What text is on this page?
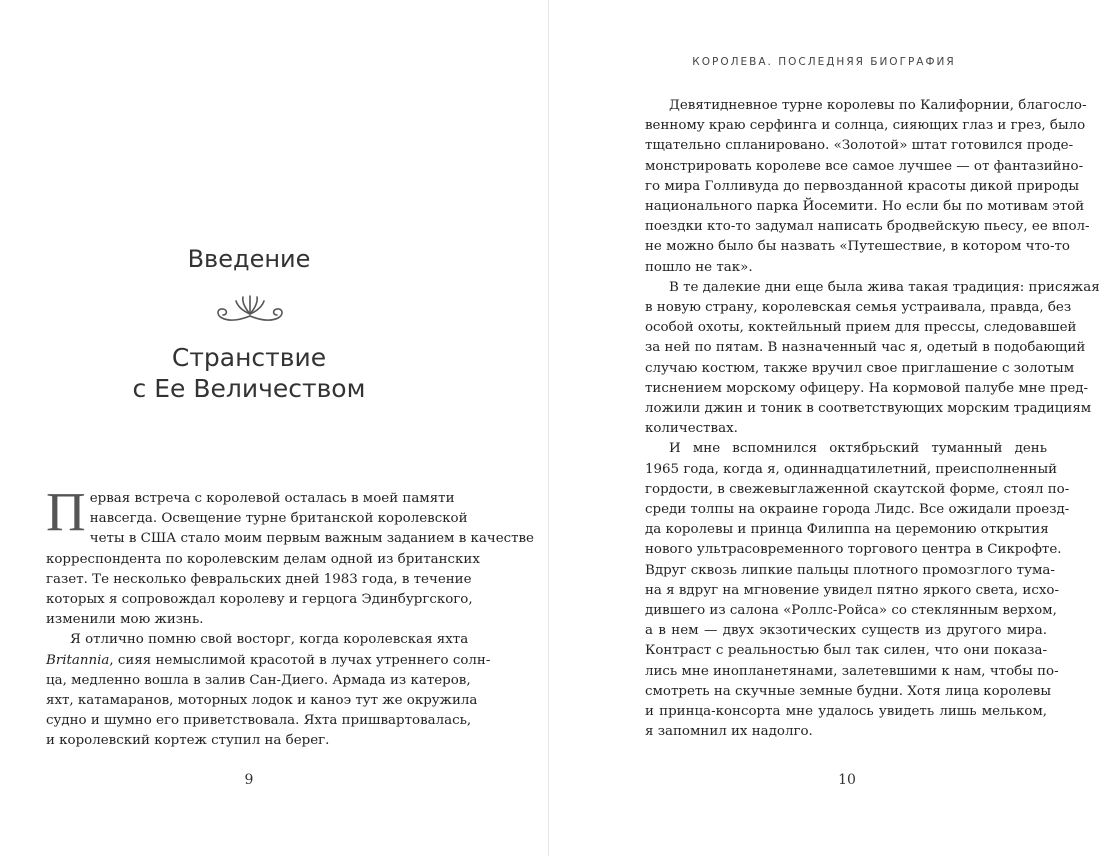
Введение
Странствие
с Ее Величеством

П ервая встреча с королевой осталась в моей памяти
навсегда. Освещение турне британской королевской
четы в США стало моим первым важным заданием в качестве
корреспондента по королевским делам одной из британских
газет. Те несколько февральских дней 1983 года, в течение
которых я сопровождал королеву и герцога Эдинбургского,
изменили мою жизнь.

Я отлично помню свой восторг, когда королевская яхта
Britannia, сияя немыслимой красотой в лучах утреннего солн-
ца, медленно вошла в залив Сан-Диего. Армада из катеров,
яхт, катамаранов, моторных лодок и каноэ тут же окружила
судно и шумно его приветствовала. Яхта пришвартовалась,
и королевский кортеж ступил на берег.

9
КОРОЛЕВА. ПОСЛЕДНЯЯ БИОГРАФИЯ

Девятидневное турне королевы по Калифорнии, благосло-
венному краю серфинга и солнца, сияющих глаз и грез, было
тщательно спланировано. «Золотой» штат готовился проде-
монстрировать королеве все самое лучшее — от фантазийно-
го мира Голливуда до первозданной красоты дикой природы
национального парка Йосемити. Но если бы по мотивам этой
поездки кто-то задумал написать бродвейскую пьесу, ее впол-
не можно было бы назвать «Путешествие, в котором что-то
пошло не так».

В те далекие дни еще была жива такая традиция: присяжая
в новую страну, королевская семья устраивала, правда, без
особой охоты, коктейльный прием для прессы, следовавшей
за ней по пятам. В назначенный час я, одетый в подобающий
случаю костюм, также вручил свое приглашение с золотым
тиснением морскому офицеру. На кормовой палубе мне пред-
ложили джин и тоник в соответствующих морским традициям
количествах.

И мне вспомнился октябрьский туманный день
1965 года, когда я, одиннадцатилетний, преисполненный
гордости, в свежевыглаженной скаутской форме, стоял по-
среди толпы на окраине города Лидс. Все ожидали проезд-
да королевы и принца Филиппа на церемонию открытия
нового ультрасовременного торгового центра в Сикрофте.
Вдруг сквозь липкие пальцы плотного промозглого тума-
на я вдруг на мгновение увидел пятно яркого света, исхо-
дившего из салона «Роллс-Ройса» со стеклянным верхом,
а в нем — двух экзотических существ из другого мира.
Контраст с реальностью был так силен, что они показа-
лись мне инопланетянами, залетевшими к нам, чтобы по-
смотреть на скучные земные будни. Хотя лица королевы
и принца-консорта мне удалось увидеть лишь мельком,
я запомнил их надолго.

10
